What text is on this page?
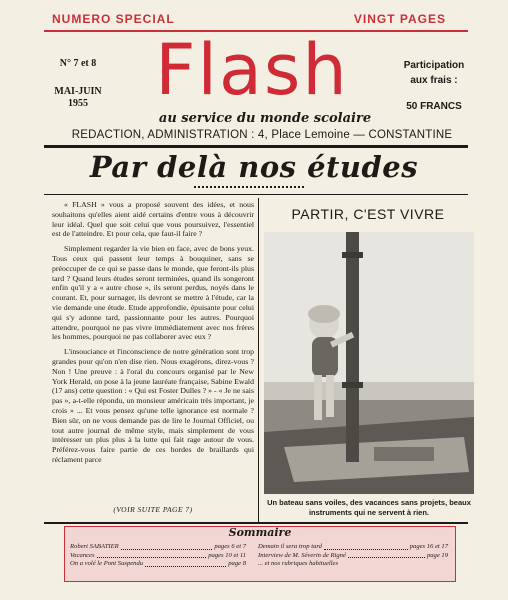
NUMERO SPECIAL	VINGT PAGES
N° 7 et 8
MAI-JUIN
1955 Flash	Participation
aux frais :
50 FRANCS
au service du monde scolaire
REDACTION, ADMINISTRATION : 4, Place Lemoine — CONSTANTINE
Par delà nos études

« FLASH » vous a proposé souvent des idées, et nous souhaitons qu'elles aient aidé certains d'entre vous à découvrir leur idéal. Quel que soit celui que vous poursuivez, l'essentiel est de l'atteindre. Et pour cela, que faut-il faire ?

Simplement regarder la vie bien en face, avec de bons yeux. Tous ceux qui passent leur temps à bouquiner, sans se préoccuper de ce qui se passe dans le monde, que feront-ils plus tard ? Quand leurs études seront terminées, quand ils songeront enfin qu'il y a « autre chose », ils seront perdus, noyés dans le courant. Et, pour surnager, ils devront se mettre à l'étude, car la vie demande une étude. Etude approfondie, épuisante pour celui qui s'y adonne tard, passionnante pour les autres. Pourquoi attendre, pourquoi ne pas vivre immédiatement avec nos frères les hommes, pourquoi ne pas collaborer avec eux ?

L'insouciance et l'inconscience de notre génération sont trop grandes pour qu'on n'en dise rien. Nous exagérons, direz-vous ? Non ! Une preuve : à l'oral du concours organisé par le New York Herald, on pose à la jeune lauréate française, Sabine Ewald (17 ans) cette question : « Qui est Foster Dulles ? » - « Je ne sais pas », a-t-elle répondu, un monsieur américain très important, je crois » ... Et vous pensez qu'une telle ignorance est normale ? Bien sûr, on ne vous demande pas de lire le Journal Officiel, ou tout autre journal de même style, mais simplement de vous intéresser un plus plus à la lutte qui fait rage autour de vous. Préférez-vous faire partie de ces hordes de braillards qui réclament parce

(VOIR SUITE PAGE 7)
PARTIR, C'EST VIVRE
Un bateau sans voiles, des vacances sans projets, beaux instruments qui ne servent à rien.
Sommaire
Robert SABATIER	pages 6 et 7
Vacances	pages 10 et 11
On a volé le Pont Suspendu	page 8
Demain il sera trop tard	pages 16 et 17
Interview de M. Séverin de Rigné	page 19
... et nos rubriques habituelles
